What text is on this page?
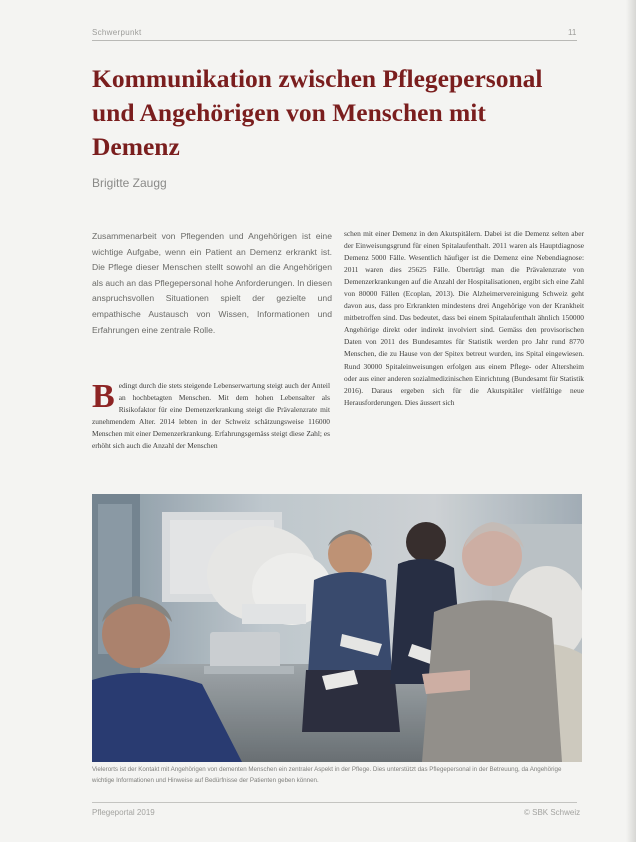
Schwerpunkt	11
Kommunikation zwischen Pflegepersonal und Angehörigen von Menschen mit Demenz
Brigitte Zaugg

Zusammenarbeit von Pflegenden und Angehörigen ist eine wichtige Aufgabe, wenn ein Patient an Demenz erkrankt ist. Die Pflege dieser Menschen stellt sowohl an die Angehörigen als auch an das Pflegepersonal hohe Anforderungen. In diesen anspruchsvollen Situationen spielt der gezielte und empathische Austausch von Wissen, Informationen und Erfahrungen eine zentrale Rolle.

B edingt durch die stets steigende Lebenserwartung steigt auch der Anteil an hochbetagten Menschen. Mit dem hohen Lebensalter als Risikofaktor für eine Demenzerkrankung steigt die Prävalenzrate mit zunehmendem Alter. 2014 lebten in der Schweiz schätzungsweise 116000 Menschen mit einer Demenzerkrankung. Erfahrungsgemäss steigt diese Zahl; es erhöht sich auch die Anzahl der Menschen

schen mit einer Demenz in den Akutspitälern. Dabei ist die Demenz selten aber der Einweisungsgrund für einen Spitalaufenthalt. 2011 waren als Hauptdiagnose Demenz 5000 Fälle. Wesentlich häufiger ist die Demenz eine Nebendiagnose: 2011 waren dies 25625 Fälle. Überträgt man die Prävalenzrate von Demenzerkrankungen auf die Anzahl der Hospitalisationen, ergibt sich eine Zahl von 80000 Fällen (Ecoplan, 2013). Die Alzheimervereinigung Schweiz geht davon aus, dass pro Erkrankten mindestens drei Angehörige von der Krankheit mitbetroffen sind. Das bedeutet, dass bei einem Spitalaufenthalt ähnlich 150000 Angehörige direkt oder indirekt involviert sind. Gemäss den provisorischen Daten von 2011 des Bundesamtes für Statistik werden pro Jahr rund 8770 Menschen, die zu Hause von der Spitex betreut wurden, ins Spital eingewiesen. Rund 30000 Spitaleinweisungen erfolgen aus einem Pflege- oder Altersheim oder aus einer anderen sozialmedizinischen Einrichtung (Bundesamt für Statistik 2016). Daraus ergeben sich für die Akutspitäler vielfältige neue Herausforderungen. Dies äussert sich

Vielerorts ist der Kontakt mit Angehörigen von dementen Menschen ein zentraler Aspekt in der Pflege. Dies unterstützt das Pflegepersonal in der Betreuung, da Angehörige wichtige Informationen und Hinweise auf Bedürfnisse der Patienten geben können.

Pflegeportal 2019	© SBK Schweiz
